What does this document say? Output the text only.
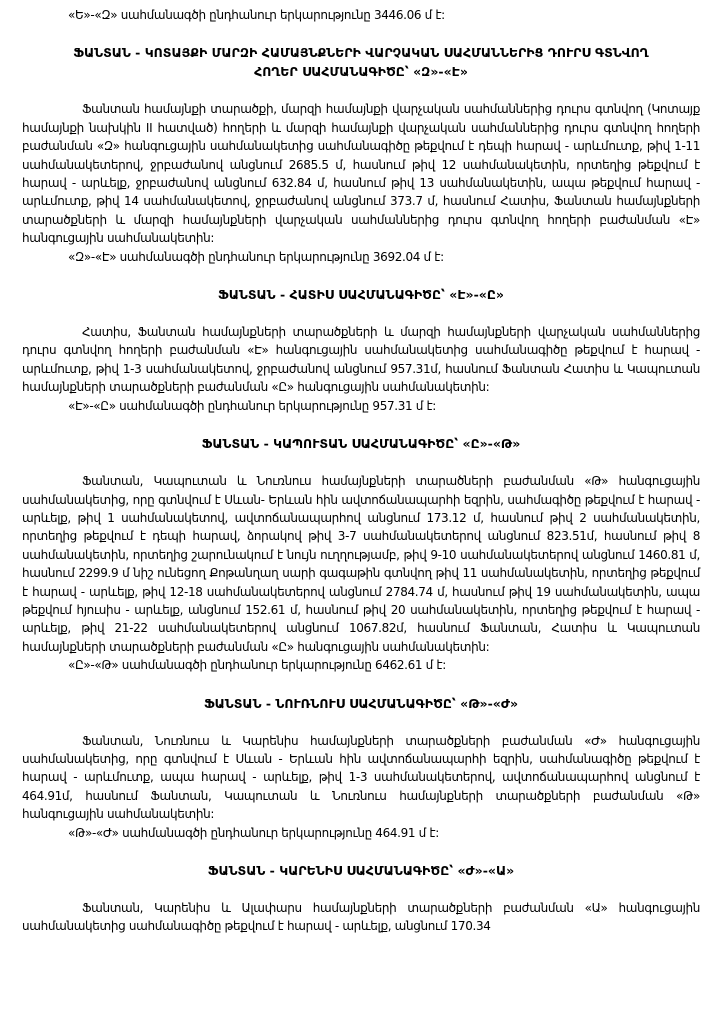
«Ե»-«Զ» սահմանագծի ընդհանուր երկարությունը 3446.06 մ է:

ՖԱՆՏԱՆ - ԿՈՏԱՅՔԻ ՄԱՐԶԻ ՀԱՄԱՅՆՔՆԵՐԻ ՎԱՐՉԱԿԱՆ ՍԱՀՄԱՆՆԵՐԻՑ ԴՈՒՐՍ ԳՏՆՎՈՂ ՀՈՂԵՐ ՍԱՀՄԱՆԱԳԻԾԸ՝ «Զ»-«Է»

Ֆանտան համայնքի տարածքի, մարզի համայնքի վարչական սահմաններից դուրս գտնվող (Կոտայք համայնքի նախկին II հատված) հողերի և մարզի համայնքի վարչական սահմաններից դուրս գտնվող հողերի բաժանման «Զ» հանգուցային սահմանակետից սահմանագիծը թեքվում է դեպի հարավ - արևմուտք, թիվ 1-11 սահմանակետերով, ջրբաժանով անցնում 2685.5 մ, հասնում թիվ 12 սահմանակետին, որտեղից թեքվում է հարավ - արևելք, ջրբաժանով անցնում 632.84 մ, հասնում թիվ 13 սահմանակետին, ապա թեքվում հարավ - արևմուտք, թիվ 14 սահմանակետով, ջրբաժանով անցնում 373.7 մ, հասնում Հատիս, Ֆանտան համայնքների տարածքների և մարզի համայնքների վարչական սահմաններից դուրս գտնվող հողերի բաժանման «Է» հանգուցային սահմանակետին:

«Զ»-«Է» սահմանագծի ընդհանուր երկարությունը 3692.04 մ է:

ՖԱՆՏԱՆ - ՀԱՏԻՍ ՍԱՀՄԱՆԱԳԻԾԸ՝ «Է»-«Ը»

Հատիս, Ֆանտան համայնքների տարածքների և մարզի համայնքների վարչական սահմաններից դուրս գտնվող հողերի բաժանման «Է» հանգուցային սահմանակետից սահմանագիծը թեքվում է հարավ - արևմուտք, թիվ 1-3 սահմանակետով, ջրբաժանով անցնում 957.31մ, հասնում Ֆանտան Հատիս և Կապուտան համայնքների տարածքների բաժանման «Ը» հանգուցային սահմանակետին:

«Է»-«Ը» սահմանագծի ընդհանուր երկարությունը 957.31 մ է:

ՖԱՆՏԱՆ - ԿԱՊՈՒՏԱՆ ՍԱՀՄԱՆԱԳԻԾԸ՝ «Ը»-«Թ»

Ֆանտան, Կապուտան և Նուռնուս համայնքների տարածների բաժանման «Թ» հանգուցային սահմանակետից, որը գտնվում է Սևան- Երևան հին ավտոճանապարհի եզրին, սահմագիծը թեքվում է հարավ - արևելք, թիվ 1 սահմանակետով, ավտոճանապարհով անցնում 173.12 մ, հասնում թիվ 2 սահմանակետին, որտեղից թեքվում է դեպի հարավ, ձորակով թիվ 3-7 սահմանակետերով անցնում 823.51մ, հասնում թիվ 8 սահմանակետին, որտեղից շարունակում է նույն ուղղությամբ, թիվ 9-10 սահմանակետերով անցնում 1460.81 մ, հասնում 2299.9 մ նիշ ունեցող Քոթանղաղ սարի գագաթին գտնվող թիվ 11 սահմանակետին, որտեղից թեքվում է հարավ - արևելք, թիվ 12-18 սահմանակետերով անցնում 2784.74 մ, հասնում թիվ 19 սահմանակետին, ապա թեքվում հյուսիս - արևելք, անցնում 152.61 մ, հասնում թիվ 20 սահմանակետին, որտեղից թեքվում է հարավ - արևելք, թիվ 21-22 սահմանակետերով անցնում 1067.82մ, հասնում Ֆանտան, Հատիս և Կապուտան համայնքների տարածքների բաժանման «Ը» հանգուցային սահմանակետին:

«Ը»-«Թ» սահմանագծի ընդհանուր երկարությունը 6462.61 մ է:

ՖԱՆՏԱՆ - ՆՈՒՌՆՈՒՍ ՍԱՀՄԱՆԱԳԻԾԸ՝ «Թ»-«Ժ»

Ֆանտան, Նուռնուս և Կարենիս համայնքների տարածքների բաժանման «Ժ» հանգուցային սահմանակետից, որը գտնվում է Սևան - Երևան հին ավտոճանապարհի եզրին, սահմանագիծը թեքվում է հարավ - արևմուտք, ապա հարավ - արևելք, թիվ 1-3 սահմանակետերով, ավտոճանապարհով անցնում է 464.91մ, հասնում Ֆանտան, Կապուտան և Նուռնուս համայնքների տարածքների բաժանման «Թ» հանգուցային սահմանակետին:

«Թ»-«Ժ» սահմանագծի ընդհանուր երկարությունը 464.91 մ է:

ՖԱՆՏԱՆ - ԿԱՐԵՆԻՍ ՍԱՀՄԱՆԱԳԻԾԸ՝ «Ժ»-«Ա»

Ֆանտան, Կարենիս և Ալափարս համայնքների տարածքների բաժանման «Ա» հանգուցային սահմանակետից սահմանագիծը թեքվում է հարավ - արևելք, անցնում 170.34
